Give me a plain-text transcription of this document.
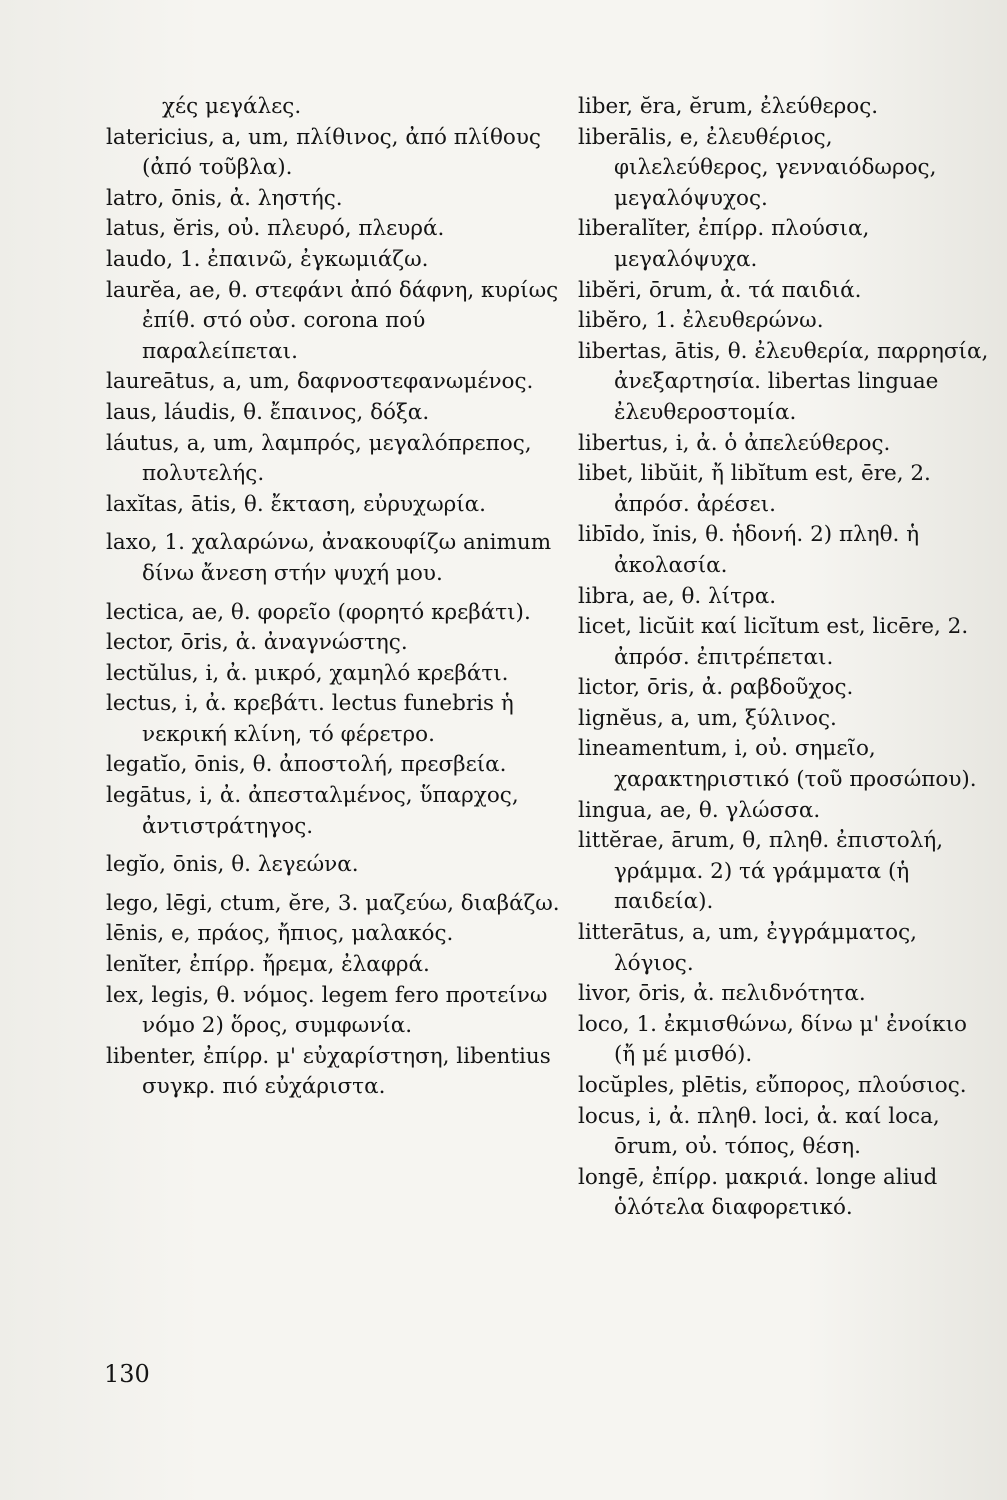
χές μεγάλες.

latericius, a, um, πλίθινος, ἀπό πλίθους (ἀπό τοῦβλα).

latro, ōnis, ἀ. ληστής.

latus, ĕris, οὐ. πλευρό, πλευρά.

laudo, 1. ἐπαινῶ, ἐγκωμιάζω.

laurĕa, ae, θ. στεφάνι ἀπό δάφνη, κυρίως ἐπίθ. στό οὐσ. corona πού παραλείπεται.

laureātus, a, um, δαφνοστεφανωμένος.

laus, láudis, θ. ἔπαινος, δόξα.

láutus, a, um, λαμπρός, μεγαλόπρεπος, πολυτελής.

laxĭtas, ātis, θ. ἔκταση, εὐρυχωρία.

laxo, 1. χαλαρώνω, ἀνακουφίζω animum δίνω ἄνεση στήν ψυχή μου.

lectica, ae, θ. φορεῖο (φορητό κρεβάτι).

lector, ōris, ἀ. ἀναγνώστης.

lectŭlus, i, ἀ. μικρό, χαμηλό κρεβάτι.

lectus, i, ἀ. κρεβάτι. lectus funebris ἡ νεκρική κλίνη, τό φέρετρο.

legatĭo, ōnis, θ. ἀποστολή, πρεσβεία.

legātus, i, ἀ. ἀπεσταλμένος, ὕπαρχος, ἀντιστράτηγος.

legĭo, ōnis, θ. λεγεώνα.

lego, lēgi, ctum, ĕre, 3. μαζεύω, διαβάζω.

lēnis, e, πράος, ἤπιος, μαλακός.

lenĭter, ἐπίρρ. ἤρεμα, ἐλαφρά.

lex, legis, θ. νόμος. legem fero προτείνω νόμο 2) ὅρος, συμφωνία.

libenter, ἐπίρρ. μ' εὐχαρίστηση, libentius συγκρ. πιό εὐχάριστα.

liber, ĕra, ĕrum, ἐλεύθερος.

liberālis, e, ἐλευθέριος, φιλελεύθερος, γενναιόδωρος, μεγαλόψυχος.

liberalĭter, ἐπίρρ. πλούσια, μεγαλόψυχα.

libĕri, ōrum, ἀ. τά παιδιά.

libĕro, 1. ἐλευθερώνω.

libertas, ātis, θ. ἐλευθερία, παρρησία, ἀνεξαρτησία. libertas linguae ἐλευθεροστομία.

libertus, i, ἀ. ὁ ἀπελεύθερος.

libet, libŭit, ἤ libĭtum est, ēre, 2. ἀπρόσ. ἀρέσει.

libīdo, ĭnis, θ. ἡδονή. 2) πληθ. ἡ ἀκολασία.

libra, ae, θ. λίτρα.

licet, licŭit καί licĭtum est, licēre, 2. ἀπρόσ. ἐπιτρέπεται.

lictor, ōris, ἀ. ραβδοῦχος.

lignĕus, a, um, ξύλινος.

lineamentum, i, οὐ. σημεῖο, χαρακτηριστικό (τοῦ προσώπου).

lingua, ae, θ. γλώσσα.

littĕrae, ārum, θ, πληθ. ἐπιστολή, γράμμα. 2) τά γράμματα (ἡ παιδεία).

litterātus, a, um, ἐγγράμματος, λόγιος.

livor, ōris, ἀ. πελιδνότητα.

loco, 1. ἐκμισθώνω, δίνω μ' ἐνοίκιο (ἤ μέ μισθό).

locŭples, plētis, εὔπορος, πλούσιος.

locus, i, ἀ. πληθ. loci, ἀ. καί loca, ōrum, οὐ. τόπος, θέση.

longē, ἐπίρρ. μακριά. longe aliud ὁλότελα διαφορετικό.

130
